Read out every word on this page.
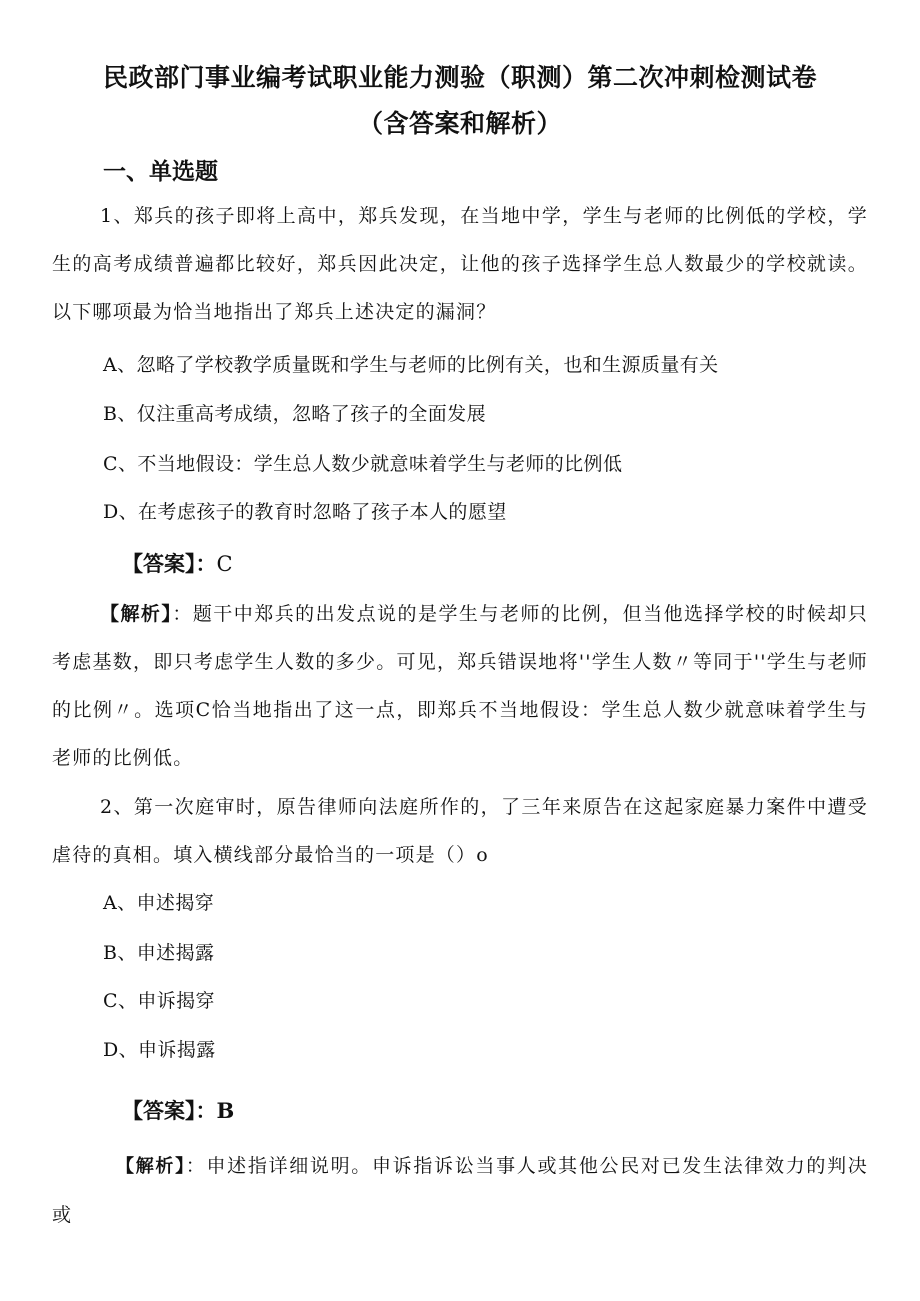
民政部门事业编考试职业能力测验（职测）第二次冲刺检测试卷
（含答案和解析）
一、单选题

1、郑兵的孩子即将上高中，郑兵发现，在当地中学，学生与老师的比例低的学校，学生的高考成绩普遍都比较好，郑兵因此决定，让他的孩子选择学生总人数最少的学校就读。以下哪项最为恰当地指出了郑兵上述决定的漏洞？

A、忽略了学校教学质量既和学生与老师的比例有关，也和生源质量有关
B、仅注重高考成绩，忽略了孩子的全面发展
C、不当地假设：学生总人数少就意味着学生与老师的比例低
D、在考虑孩子的教育时忽略了孩子本人的愿望
【答案】：C

【解析】：题干中郑兵的出发点说的是学生与老师的比例，但当他选择学校的时候却只考虑基数，即只考虑学生人数的多少。可见，郑兵错误地将''学生人数〃等同于''学生与老师的比例〃。选项C恰当地指出了这一点，即郑兵不当地假设：学生总人数少就意味着学生与老师的比例低。

2、第一次庭审时，原告律师向法庭所作的，了三年来原告在这起家庭暴力案件中遭受虐待的真相。填入横线部分最恰当的一项是（）o

A、申述揭穿
B、申述揭露
C、申诉揭穿
D、申诉揭露
【答案】：B

【解析】：申述指详细说明。申诉指诉讼当事人或其他公民对已发生法律效力的判决或
